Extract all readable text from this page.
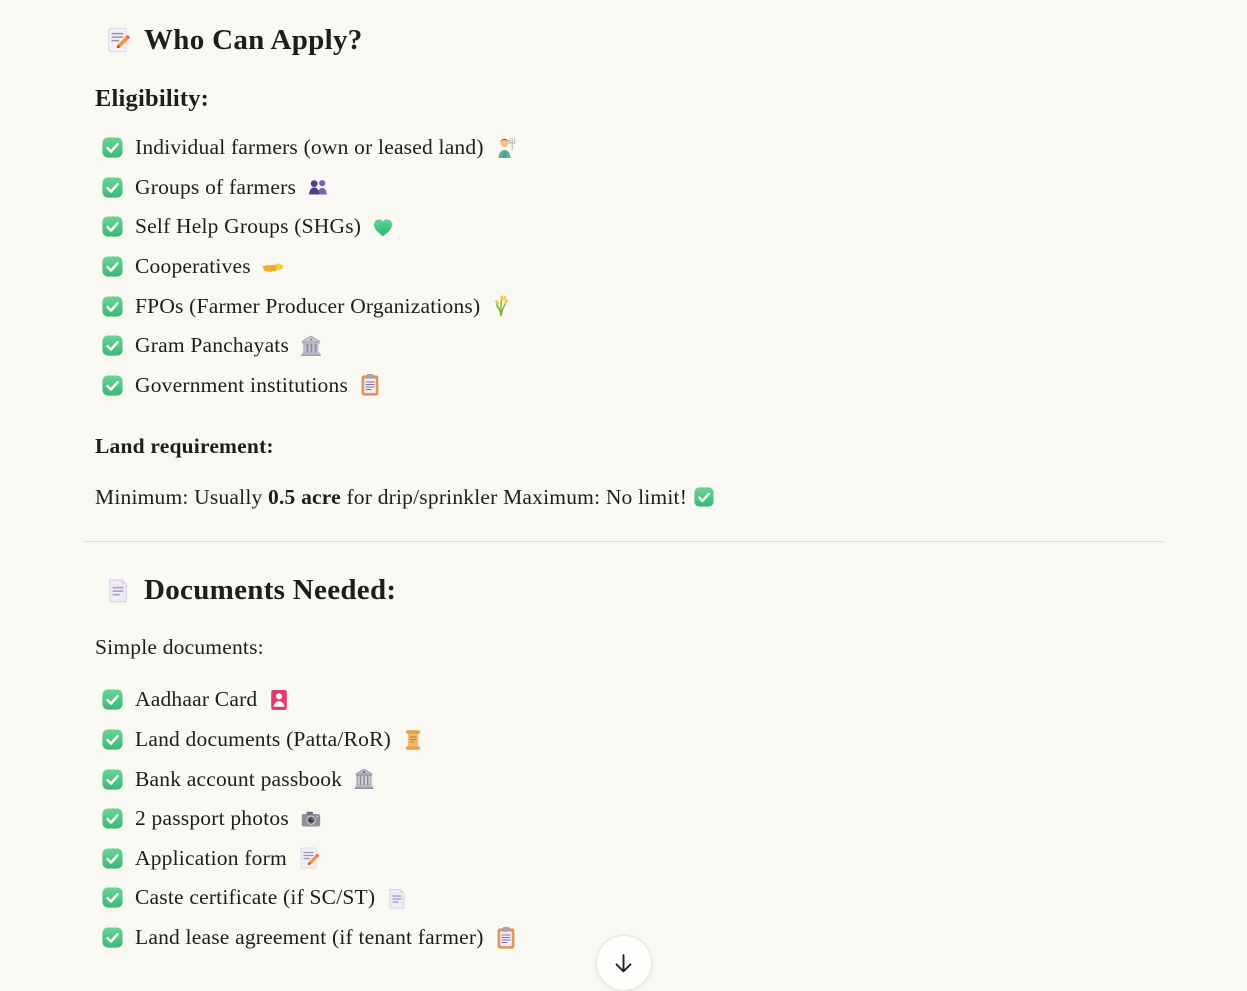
Who Can Apply?
Eligibility:
Individual farmers (own or leased land)
Groups of farmers
Self Help Groups (SHGs)
Cooperatives
FPOs (Farmer Producer Organizations)
Gram Panchayats
Government institutions
Land requirement:

Minimum: Usually 0.5 acre for drip/sprinkler Maximum: No limit!

Documents Needed:

Simple documents:

Aadhaar Card
Land documents (Patta/RoR)
Bank account passbook
2 passport photos
Application form
Caste certificate (if SC/ST)
Land lease agreement (if tenant farmer)
